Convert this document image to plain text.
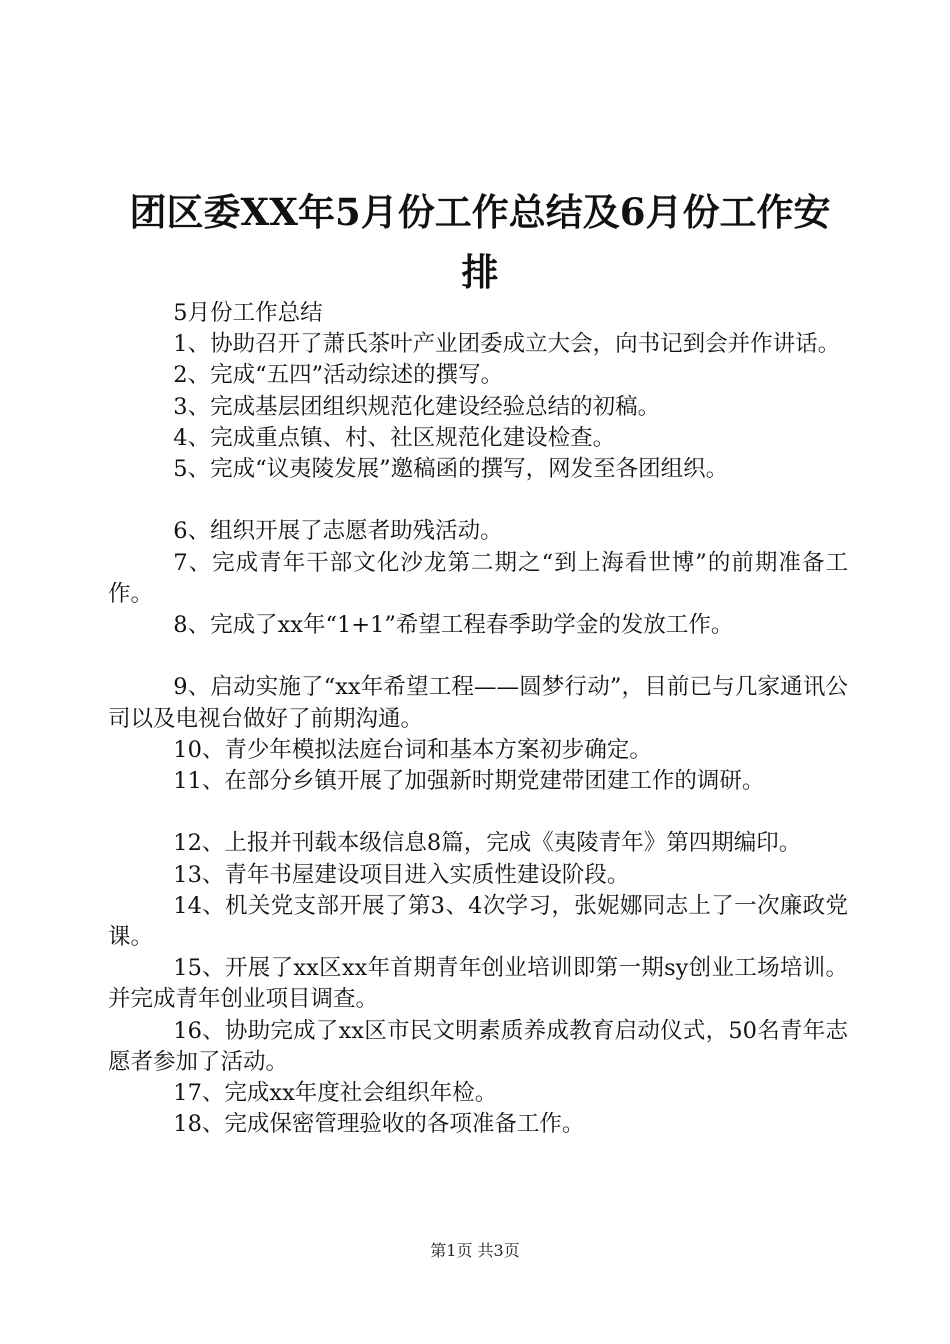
团区委XX年5月份工作总结及6月份工作安
排

5月份工作总结

1、协助召开了萧氏茶叶产业团委成立大会，向书记到会并作讲话。

2、完成“五四”活动综述的撰写。

3、完成基层团组织规范化建设经验总结的初稿。

4、完成重点镇、村、社区规范化建设检查。

5、完成“议夷陵发展”邀稿函的撰写，网发至各团组织。

6、组织开展了志愿者助残活动。

7、完成青年干部文化沙龙第二期之“到上海看世博”的前期准备工作。

8、完成了xx年“1+1”希望工程春季助学金的发放工作。

9、启动实施了“xx年希望工程——圆梦行动”，目前已与几家通讯公司以及电视台做好了前期沟通。

10、青少年模拟法庭台词和基本方案初步确定。

11、在部分乡镇开展了加强新时期党建带团建工作的调研。

12、上报并刊载本级信息8篇，完成《夷陵青年》第四期编印。

13、青年书屋建设项目进入实质性建设阶段。

14、机关党支部开展了第3、4次学习，张妮娜同志上了一次廉政党课。

15、开展了xx区xx年首期青年创业培训即第一期sy创业工场培训。并完成青年创业项目调查。

16、协助完成了xx区市民文明素质养成教育启动仪式，50名青年志愿者参加了活动。

17、完成xx年度社会组织年检。

18、完成保密管理验收的各项准备工作。

第1页 共3页
